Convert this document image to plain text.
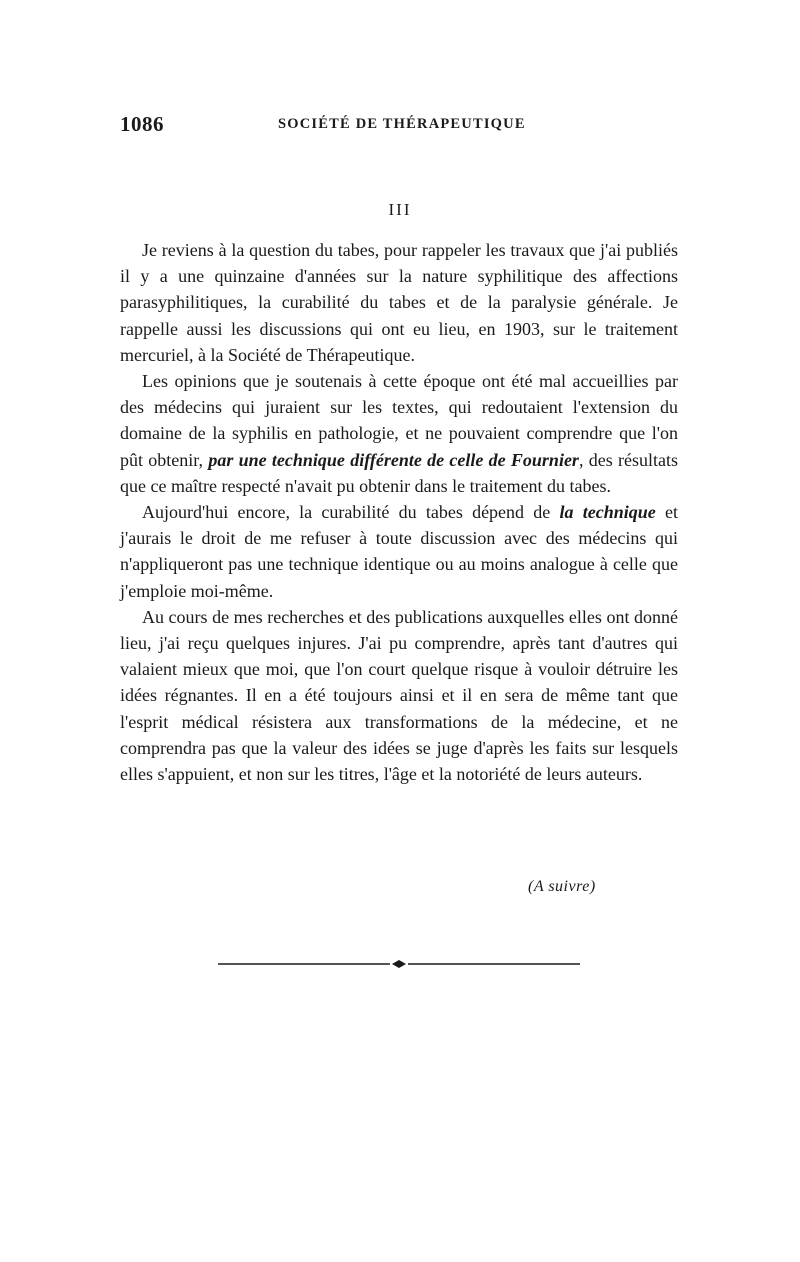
1086	SOCIÉTÉ DE THÉRAPEUTIQUE
III

Je reviens à la question du tabes, pour rappeler les travaux que j'ai publiés il y a une quinzaine d'années sur la nature syphilitique des affections parasyphilitiques, la curabilité du tabes et de la paralysie générale. Je rappelle aussi les discussions qui ont eu lieu, en 1903, sur le traitement mercuriel, à la Société de Thérapeutique.

Les opinions que je soutenais à cette époque ont été mal accueillies par des médecins qui juraient sur les textes, qui redoutaient l'extension du domaine de la syphilis en pathologie, et ne pouvaient comprendre que l'on pût obtenir, par une technique différente de celle de Fournier, des résultats que ce maître respecté n'avait pu obtenir dans le traitement du tabes.

Aujourd'hui encore, la curabilité du tabes dépend de la technique et j'aurais le droit de me refuser à toute discussion avec des médecins qui n'appliqueront pas une technique identique ou au moins analogue à celle que j'emploie moi-même.

Au cours de mes recherches et des publications auxquelles elles ont donné lieu, j'ai reçu quelques injures. J'ai pu comprendre, après tant d'autres qui valaient mieux que moi, que l'on court quelque risque à vouloir détruire les idées régnantes. Il en a été toujours ainsi et il en sera de même tant que l'esprit médical résistera aux transformations de la médecine, et ne comprendra pas que la valeur des idées se juge d'après les faits sur lesquels elles s'appuient, et non sur les titres, l'âge et la notoriété de leurs auteurs.

(A suivre)
